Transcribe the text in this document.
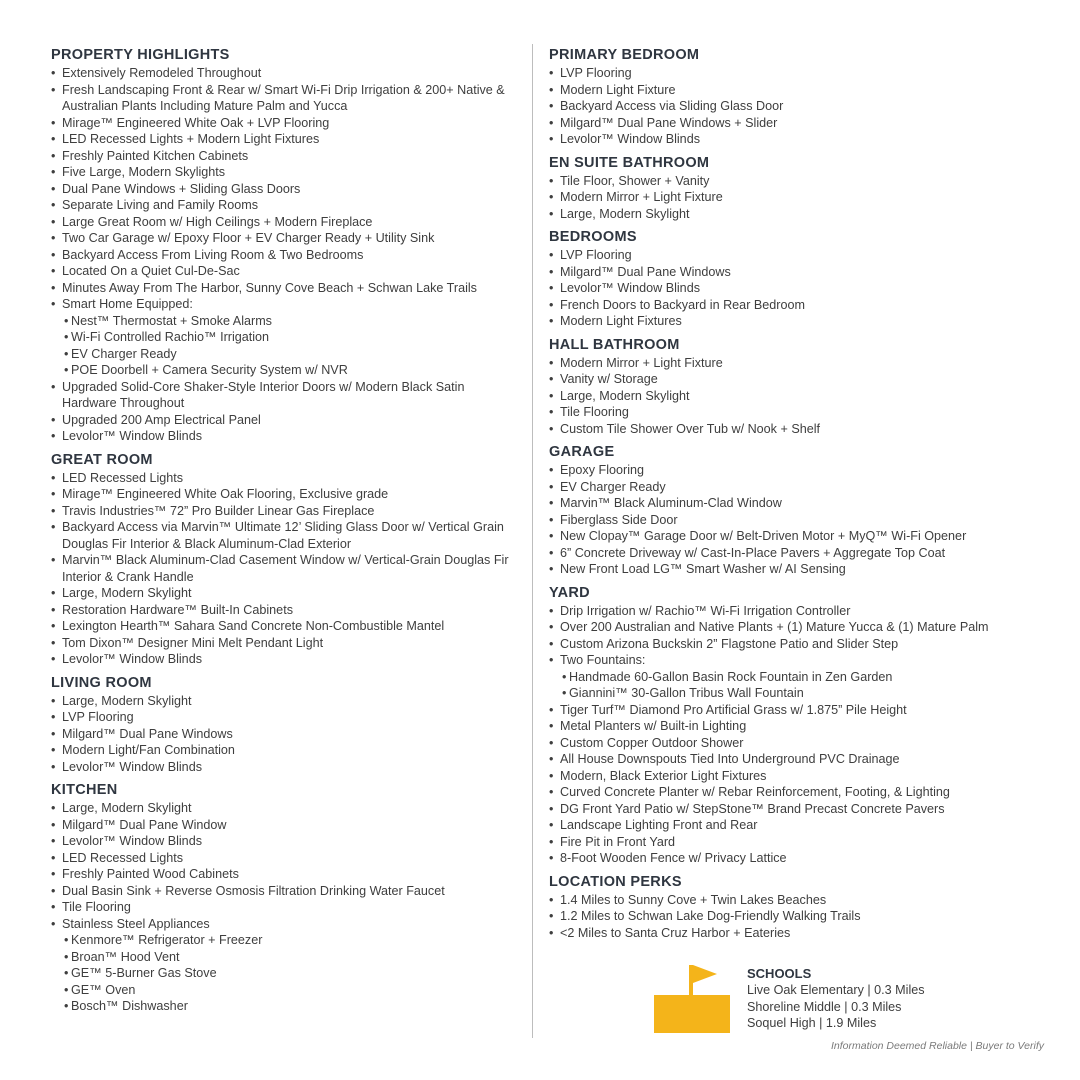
PROPERTY HIGHLIGHTS
• Extensively Remodeled Throughout
• Fresh Landscaping Front & Rear w/ Smart Wi-Fi Drip Irrigation & 200+ Native & Australian Plants Including Mature Palm and Yucca
• Mirage™ Engineered White Oak + LVP Flooring
• LED Recessed Lights + Modern Light Fixtures
• Freshly Painted Kitchen Cabinets
• Five Large, Modern Skylights
• Dual Pane Windows + Sliding Glass Doors
• Separate Living and Family Rooms
• Large Great Room w/ High Ceilings + Modern Fireplace
• Two Car Garage w/ Epoxy Floor + EV Charger Ready + Utility Sink
• Backyard Access From Living Room & Two Bedrooms
• Located On a Quiet Cul-De-Sac
• Minutes Away From The Harbor, Sunny Cove Beach + Schwan Lake Trails
• Smart Home Equipped:
• Nest™ Thermostat + Smoke Alarms
• Wi-Fi Controlled Rachio™ Irrigation
• EV Charger Ready
• POE Doorbell + Camera Security System w/ NVR
• Upgraded Solid-Core Shaker-Style Interior Doors w/ Modern Black Satin Hardware Throughout
• Upgraded 200 Amp Electrical Panel
• Levolor™ Window Blinds
GREAT ROOM
• LED Recessed Lights
• Mirage™ Engineered White Oak Flooring, Exclusive grade
• Travis Industries™ 72” Pro Builder Linear Gas Fireplace
• Backyard Access via Marvin™ Ultimate 12’ Sliding Glass Door w/ Vertical Grain Douglas Fir Interior & Black Aluminum-Clad Exterior
• Marvin™ Black Aluminum-Clad Casement Window w/ Vertical-Grain Douglas Fir Interior & Crank Handle
• Large, Modern Skylight
• Restoration Hardware™ Built-In Cabinets
• Lexington Hearth™ Sahara Sand Concrete Non-Combustible Mantel
• Tom Dixon™ Designer Mini Melt Pendant Light
• Levolor™ Window Blinds
LIVING ROOM
• Large, Modern Skylight
• LVP Flooring
• Milgard™ Dual Pane Windows
• Modern Light/Fan Combination
• Levolor™ Window Blinds
KITCHEN
• Large, Modern Skylight
• Milgard™ Dual Pane Window
• Levolor™ Window Blinds
• LED Recessed Lights
• Freshly Painted Wood Cabinets
• Dual Basin Sink + Reverse Osmosis Filtration Drinking Water Faucet
• Tile Flooring
• Stainless Steel Appliances
• Kenmore™ Refrigerator + Freezer
• Broan™ Hood Vent
• GE™ 5-Burner Gas Stove
• GE™ Oven
• Bosch™ Dishwasher
PRIMARY BEDROOM
• LVP Flooring
• Modern Light Fixture
• Backyard Access via Sliding Glass Door
• Milgard™ Dual Pane Windows + Slider
• Levolor™ Window Blinds
EN SUITE BATHROOM
• Tile Floor, Shower + Vanity
• Modern Mirror + Light Fixture
• Large, Modern Skylight
BEDROOMS
• LVP Flooring
• Milgard™ Dual Pane Windows
• Levolor™ Window Blinds
• French Doors to Backyard in Rear Bedroom
• Modern Light Fixtures
HALL BATHROOM
• Modern Mirror + Light Fixture
• Vanity w/ Storage
• Large, Modern Skylight
• Tile Flooring
• Custom Tile Shower Over Tub w/ Nook + Shelf
GARAGE
• Epoxy Flooring
• EV Charger Ready
• Marvin™ Black Aluminum-Clad Window
• Fiberglass Side Door
• New Clopay™ Garage Door w/ Belt-Driven Motor + MyQ™ Wi-Fi Opener
• 6” Concrete Driveway w/ Cast-In-Place Pavers + Aggregate Top Coat
• New Front Load LG™ Smart Washer w/ AI Sensing
YARD
• Drip Irrigation w/ Rachio™ Wi-Fi Irrigation Controller
• Over 200 Australian and Native Plants + (1) Mature Yucca & (1) Mature Palm
• Custom Arizona Buckskin 2” Flagstone Patio and Slider Step
• Two Fountains:
• Handmade 60-Gallon Basin Rock Fountain in Zen Garden
• Giannini™ 30-Gallon Tribus Wall Fountain
• Tiger Turf™ Diamond Pro Artificial Grass w/ 1.875” Pile Height
• Metal Planters w/ Built-in Lighting
• Custom Copper Outdoor Shower
• All House Downspouts Tied Into Underground PVC Drainage
• Modern, Black Exterior Light Fixtures
• Curved Concrete Planter w/ Rebar Reinforcement, Footing, & Lighting
• DG Front Yard Patio w/ StepStone™ Brand Precast Concrete Pavers
• Landscape Lighting Front and Rear
• Fire Pit in Front Yard
• 8-Foot Wooden Fence w/ Privacy Lattice
LOCATION PERKS
• 1.4 Miles to Sunny Cove + Twin Lakes Beaches
• 1.2 Miles to Schwan Lake Dog-Friendly Walking Trails
• <2 Miles to Santa Cruz Harbor + Eateries
SCHOOLS
Live Oak Elementary | 0.3 Miles
Shoreline Middle | 0.3 Miles
Soquel High | 1.9 Miles
Information Deemed Reliable | Buyer to Verify
